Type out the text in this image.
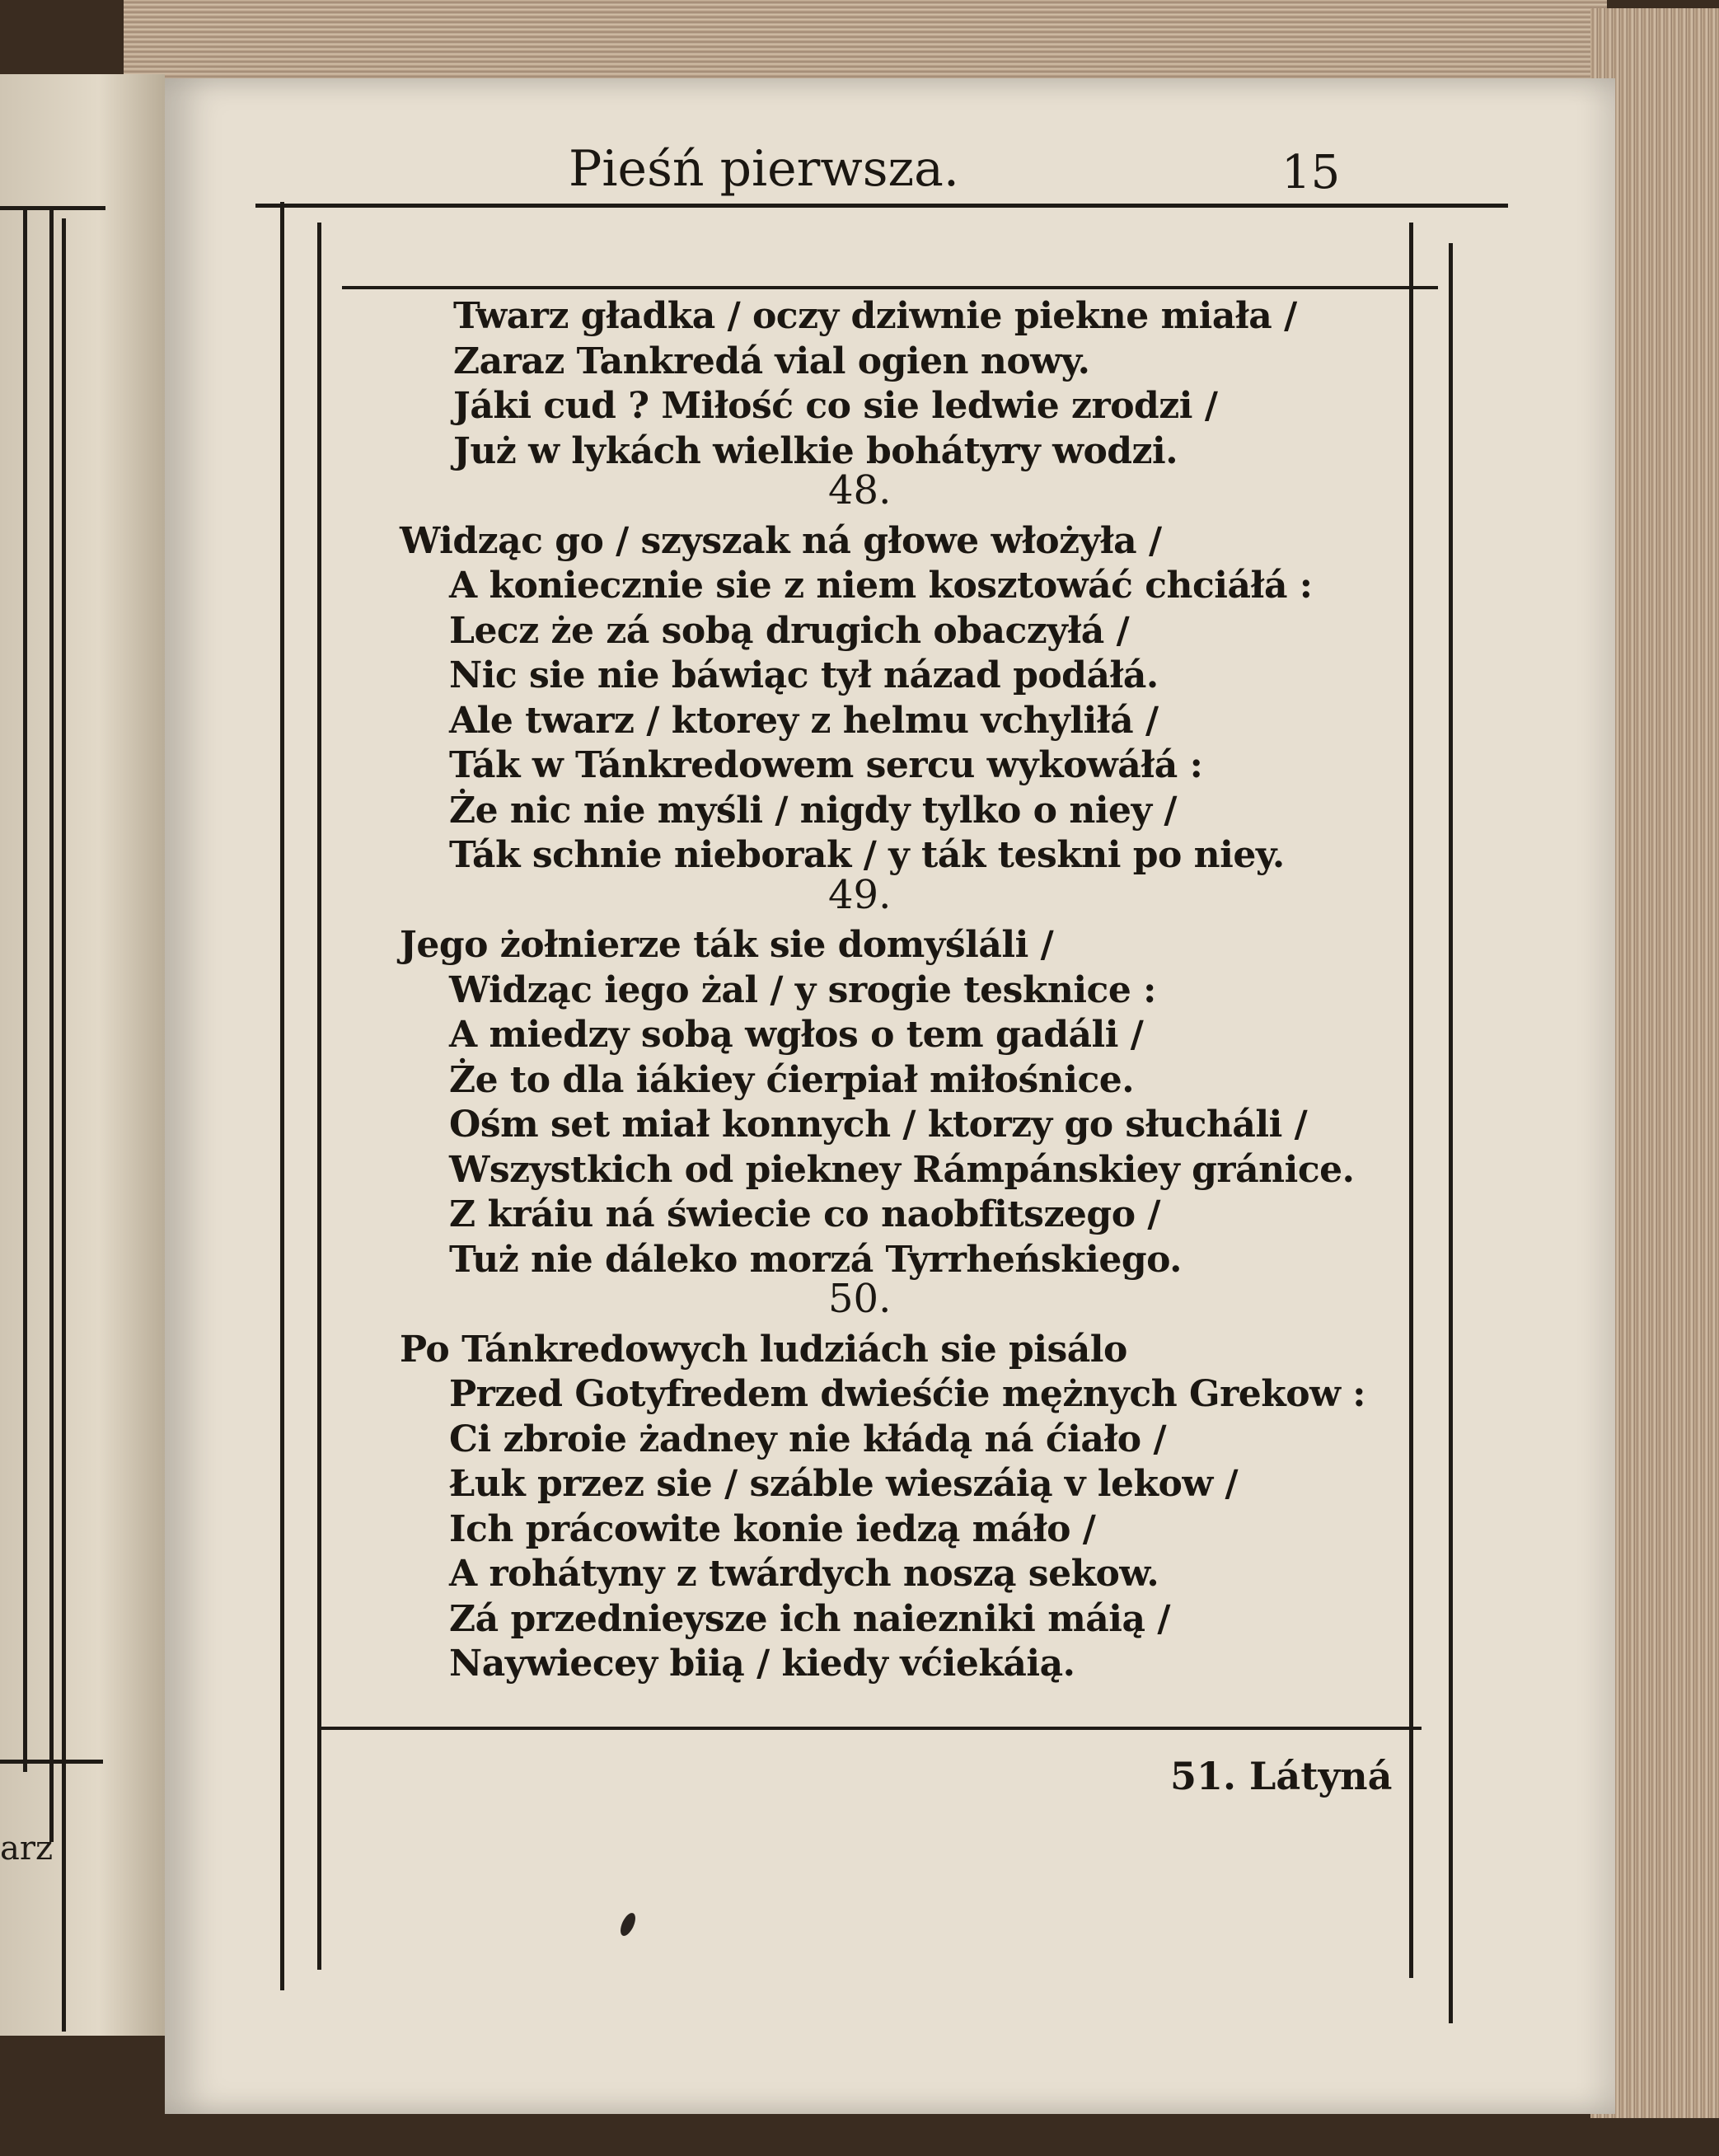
arz
Pieśń pierwsza.	15
Twarz gładka / oczy dziwnie piekne miała /
Zaraz Tankredá vial ogien nowy.
Jáki cud ? Miłość co sie ledwie zrodzi /
Już w lykách wielkie bohátyry wodzi.
48.
Widząc go / szyszak ná głowe włożyła /
A koniecznie sie z niem kosztowáć chciáłá :
Lecz że zá sobą drugich obaczyłá /
Nic sie nie báwiąc tył názad podáłá.
Ale twarz / ktorey z helmu vchyliłá /
Ták w Tánkredowem sercu wykowáłá :
Że nic nie myśli / nigdy tylko o niey /
Ták schnie nieborak / y ták teskni po niey.
49.
Jego żołnierze ták sie domyśláli /
Widząc iego żal / y srogie tesknice :
A miedzy sobą wgłos o tem gadáli /
Że to dla iákiey ćierpiał miłośnice.
Ośm set miał konnych / ktorzy go słucháli /
Wszystkich od piekney Rámpánskiey gránice.
Z kráiu ná świecie co naobfitszego /
Tuż nie dáleko morzá Tyrrheńskiego.
50.
Po Tánkredowych ludziách sie pisálo
Przed Gotyfredem dwieśćie mężnych Grekow :
Ci zbroie żadney nie kłádą ná ćiało /
Łuk przez sie / száble wieszáią v lekow /
Ich prácowite konie iedzą máło /
A rohátyny z twárdych noszą sekow.
Zá przednieysze ich naiezniki máią /
Naywiecey biią / kiedy vćiekáią.
51. Látyná
